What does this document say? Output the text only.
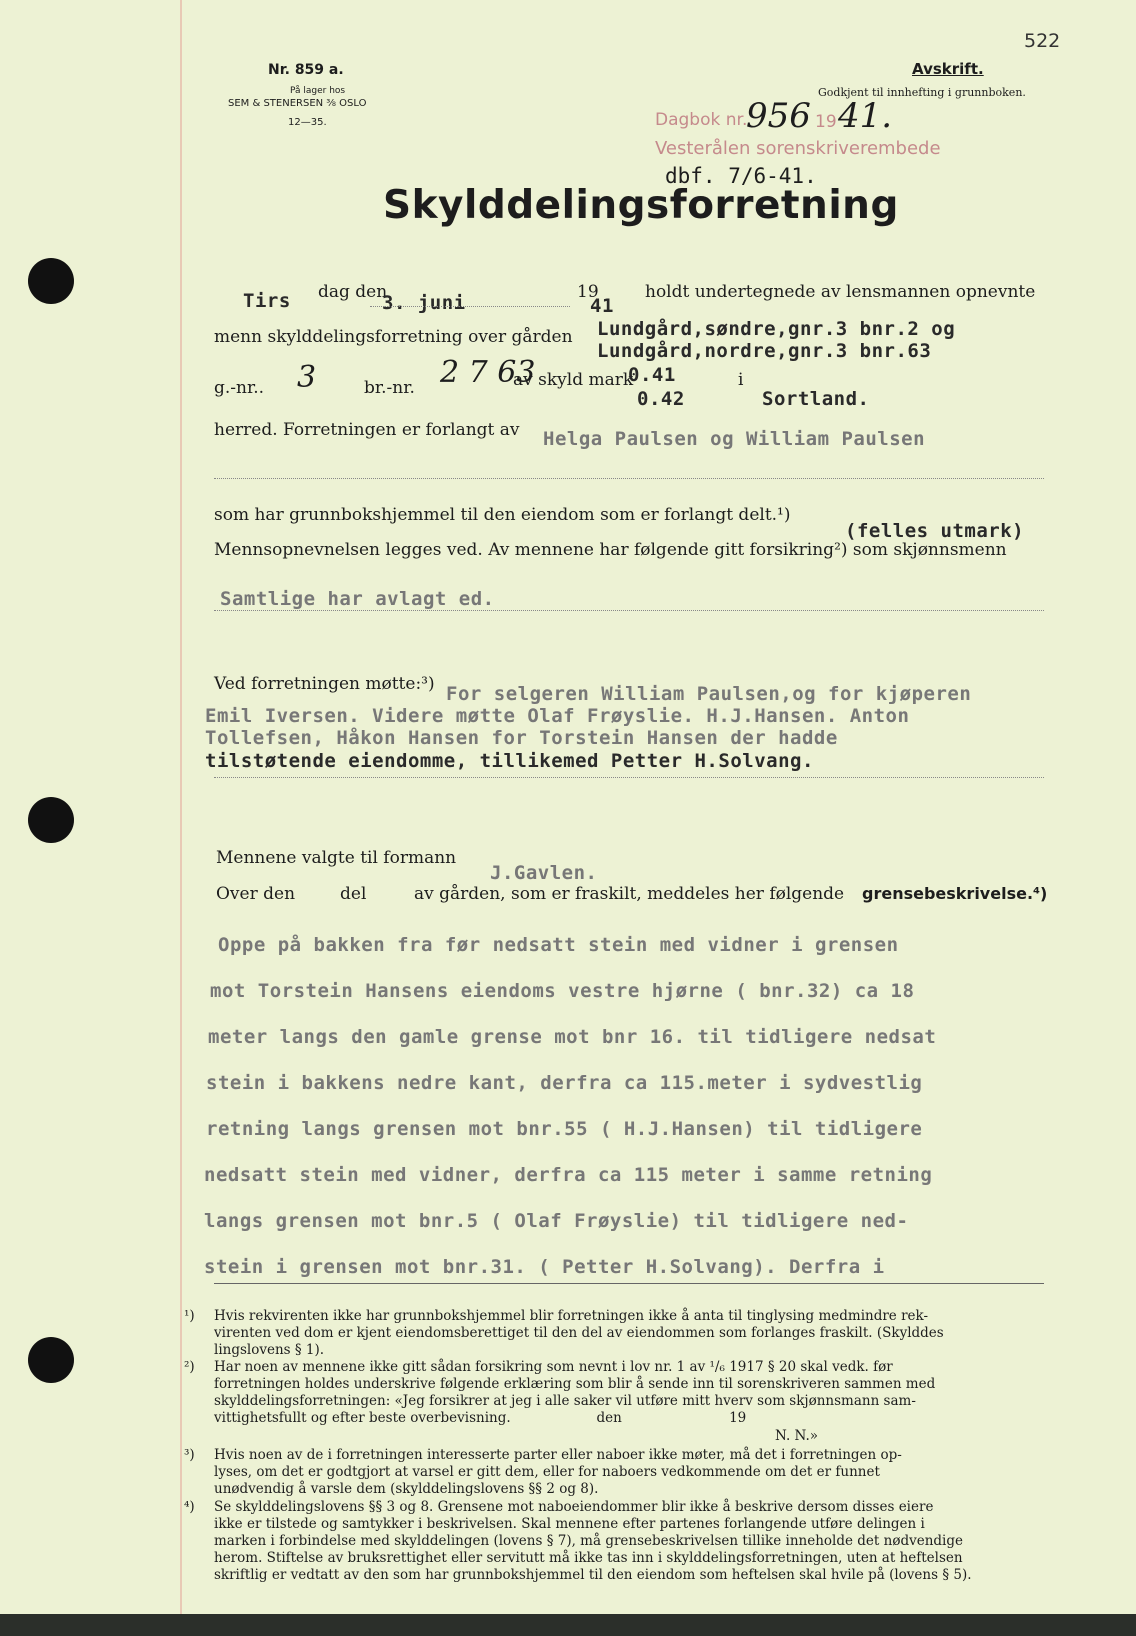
522
Nr. 859 a.
På lager hos
SEM & STENERSEN ⅜ OSLO
12—35.
Avskrift.
Godkjent til innhefting i grunnboken.
Dagbok nr.
956 19 41.
Vesterålen sorenskriverembede
dbf. 7/6-41.
Skylddelingsforretning
Tirs dag den
3. juni	19
41
holdt undertegnede av lensmannen opnevnte
menn skylddelingsforretning over gården Lundgård,søndre,gnr.3 bnr.2 og
Lundgård,nordre,gnr.3 bnr.63
g.-nr.. 3	br.-nr. 2 7 63
av skyld mark
0.41
0.42
i
Sortland.
herred. Forretningen er forlangt av Helga Paulsen og William Paulsen
som har grunnbokshjemmel til den eiendom som er forlangt delt.¹)
(felles utmark)
Mennsopnevnelsen legges ved. Av mennene har følgende gitt forsikring²) som skjønnsmenn
Samtlige har avlagt ed.
Ved forretningen møtte:³) For selgeren William Paulsen,og for kjøperen
Emil Iversen. Videre møtte Olaf Frøyslie. H.J.Hansen. Anton
Tollefsen, Håkon Hansen for Torstein Hansen der hadde
tilstøtende eiendomme, tillikemed Petter H.Solvang.
Mennene valgte til formann
J.Gavlen.
Over den	del	av gården, som er fraskilt, meddeles her følgende grensebeskrivelse.⁴)
Oppe på bakken fra før nedsatt stein med vidner i grensen
mot Torstein Hansens eiendoms vestre hjørne ( bnr.32) ca 18
meter langs den gamle grense mot bnr 16. til tidligere nedsat
stein i bakkens nedre kant, derfra ca 115.meter i sydvestlig
retning langs grensen mot bnr.55 ( H.J.Hansen) til tidligere
nedsatt stein med vidner, derfra ca 115 meter i samme retning
langs grensen mot bnr.5 ( Olaf Frøyslie) til tidligere ned-
stein i grensen mot bnr.31. ( Petter H.Solvang). Derfra i
¹) Hvis rekvirenten ikke har grunnbokshjemmel blir forretningen ikke å anta til tinglysing medmindre rek-
virenten ved dom er kjent eiendomsberettiget til den del av eiendommen som forlanges fraskilt. (Skylddes
lingslovens § 1).
²) Har noen av mennene ikke gitt sådan forsikring som nevnt i lov nr. 1 av ¹/₆ 1917 § 20 skal vedk. før
forretningen holdes underskrive følgende erklæring som blir å sende inn til sorenskriveren sammen med
skylddelingsforretningen: «Jeg forsikrer at jeg i alle saker vil utføre mitt hverv som skjønnsmann sam-
vittighetsfullt og efter beste overbevisning.                    den                         19
N. N.»
³) Hvis noen av de i forretningen interesserte parter eller naboer ikke møter, må det i forretningen op-
lyses, om det er godtgjort at varsel er gitt dem, eller for naboers vedkommende om det er funnet
unødvendig å varsle dem (skylddelingslovens §§ 2 og 8).
⁴) Se skylddelingslovens §§ 3 og 8. Grensene mot naboeiendommer blir ikke å beskrive dersom disses eiere
ikke er tilstede og samtykker i beskrivelsen. Skal mennene efter partenes forlangende utføre delingen i
marken i forbindelse med skylddelingen (lovens § 7), må grensebeskrivelsen tillike inneholde det nødvendige
herom. Stiftelse av bruksrettighet eller servitutt må ikke tas inn i skylddelingsforretningen, uten at heftelsen
skriftlig er vedtatt av den som har grunnbokshjemmel til den eiendom som heftelsen skal hvile på (lovens § 5).
